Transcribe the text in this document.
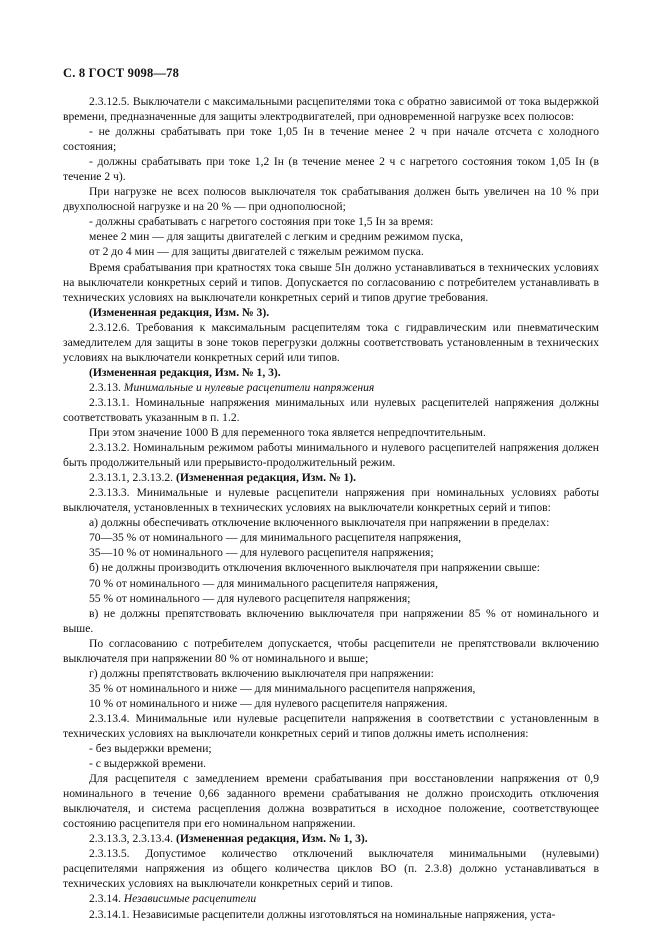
С. 8 ГОСТ 9098—78

2.3.12.5. Выключатели с максимальными расцепителями тока с обратно зависимой от тока выдержкой времени, предназначенные для защиты электродвигателей, при одновременной нагрузке всех полюсов:

- не должны срабатывать при токе 1,05 Iн в течение менее 2 ч при начале отсчета с холодного состояния;

- должны срабатывать при токе 1,2 Iн (в течение менее 2 ч с нагретого состояния током 1,05 Iн (в течение 2 ч).

При нагрузке не всех полюсов выключателя ток срабатывания должен быть увеличен на 10 % при двухполюсной нагрузке и на 20 % — при однополюсной;

- должны срабатывать с нагретого состояния при токе 1,5 Iн за время:

менее 2 мин — для защиты двигателей с легким и средним режимом пуска,

от 2 до 4 мин — для защиты двигателей с тяжелым режимом пуска.

Время срабатывания при кратностях тока свыше 5Iн должно устанавливаться в технических условиях на выключатели конкретных серий и типов. Допускается по согласованию с потребителем устанавливать в технических условиях на выключатели конкретных серий и типов другие требования.

(Измененная редакция, Изм. № 3).

2.3.12.6. Требования к максимальным расцепителям тока с гидравлическим или пневматическим замедлителем для защиты в зоне токов перегрузки должны соответствовать установленным в технических условиях на выключатели конкретных серий или типов.

(Измененная редакция, Изм. № 1, 3).

2.3.13. Минимальные и нулевые расцепители напряжения

2.3.13.1. Номинальные напряжения минимальных или нулевых расцепителей напряжения должны соответствовать указанным в п. 1.2.

При этом значение 1000 В для переменного тока является непредпочтительным.

2.3.13.2. Номинальным режимом работы минимального и нулевого расцепителей напряжения должен быть продолжительный или прерывисто-продолжительный режим.

2.3.13.1, 2.3.13.2. (Измененная редакция, Изм. № 1).

2.3.13.3. Минимальные и нулевые расцепители напряжения при номинальных условиях работы выключателя, установленных в технических условиях на выключатели конкретных серий и типов:

а) должны обеспечивать отключение включенного выключателя при напряжении в пределах:

70—35 % от номинального — для минимального расцепителя напряжения,

35—10 % от номинального — для нулевого расцепителя напряжения;

б) не должны производить отключения включенного выключателя при напряжении свыше:

70 % от номинального — для минимального расцепителя напряжения,

55 % от номинального — для нулевого расцепителя напряжения;

в) не должны препятствовать включению выключателя при напряжении 85 % от номинального и выше.

По согласованию с потребителем допускается, чтобы расцепители не препятствовали включению выключателя при напряжении 80 % от номинального и выше;

г) должны препятствовать включению выключателя при напряжении:

35 % от номинального и ниже — для минимального расцепителя напряжения,

10 % от номинального и ниже — для нулевого расцепителя напряжения.

2.3.13.4. Минимальные или нулевые расцепители напряжения в соответствии с установленным в технических условиях на выключатели конкретных серий и типов должны иметь исполнения:

- без выдержки времени;

- с выдержкой времени.

Для расцепителя с замедлением времени срабатывания при восстановлении напряжения от 0,9 номинального в течение 0,66 заданного времени срабатывания не должно происходить отключения выключателя, и система расцепления должна возвратиться в исходное положение, соответствующее состоянию расцепителя при его номинальном напряжении.

2.3.13.3, 2.3.13.4. (Измененная редакция, Изм. № 1, 3).

2.3.13.5. Допустимое количество отключений выключателя минимальными (нулевыми) расцепителями напряжения из общего количества циклов ВО (п. 2.3.8) должно устанавливаться в технических условиях на выключатели конкретных серий и типов.

2.3.14. Независимые расцепители

2.3.14.1. Независимые расцепители должны изготовляться на номинальные напряжения, уста-
